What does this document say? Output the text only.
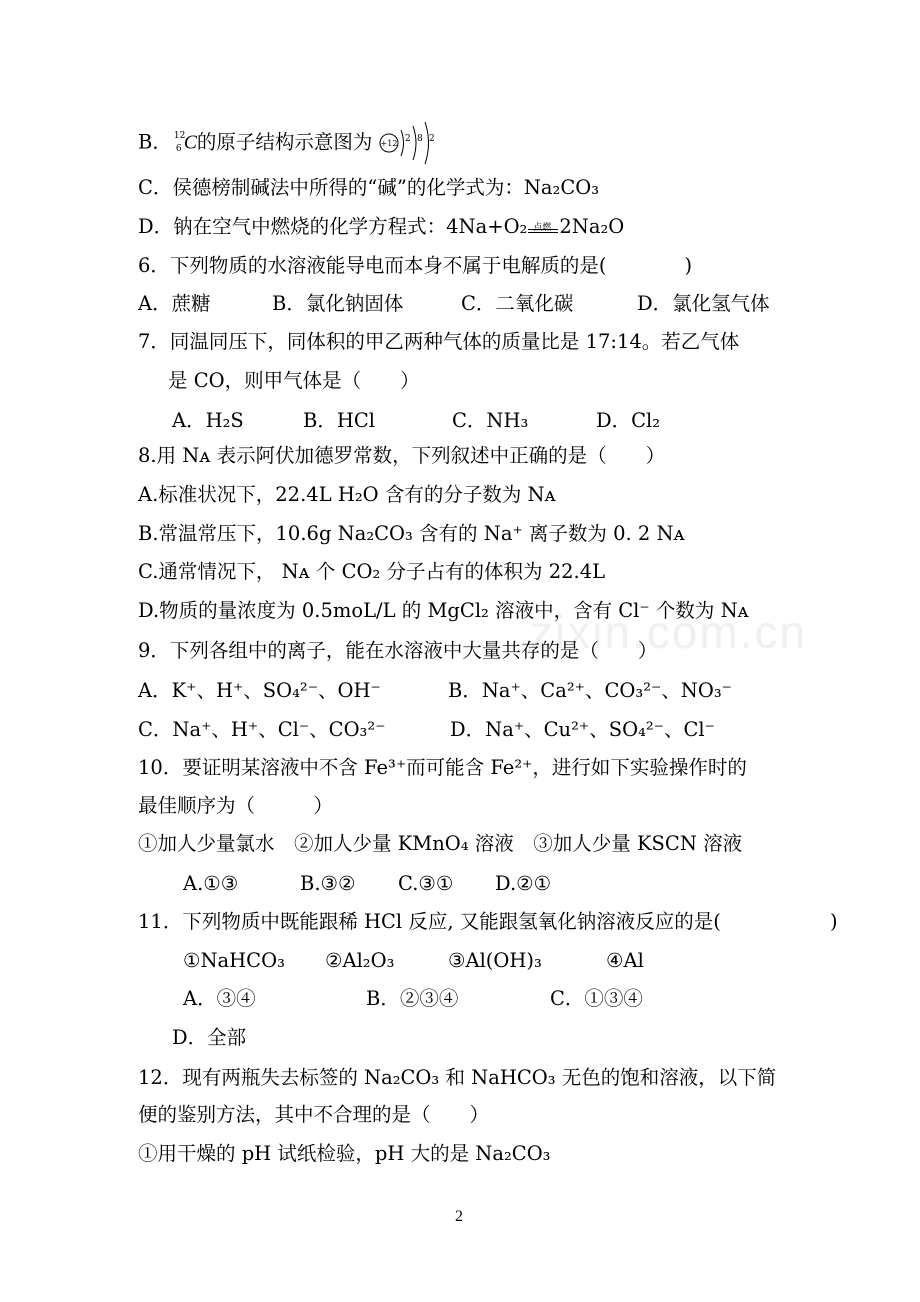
zixin.com.cn
B． 12
6 C的原子结构示意图为 +12 2 8 2
C．侯德榜制碱法中所得的“碱”的化学式为：Na₂CO₃
D．钠在空气中燃烧的化学方程式：4Na+O₂ 点燃 2Na₂O
6．下列物质的水溶液能导电而本身不属于电解质的是(　　　　)
A．蔗糖	B．氯化钠固体	C．二氧化碳	D．氯化氢气体
7．同温同压下，同体积的甲乙两种气体的质量比是 17:14。若乙气体
是 CO，则甲气体是（　　）
A．H₂S	B．HCl	C．NH₃	D．Cl₂
8.用 Nᴀ 表示阿伏加德罗常数，下列叙述中正确的是（　　）
A.标准状况下，22.4L H₂O 含有的分子数为 Nᴀ
B.常温常压下，10.6g Na₂CO₃ 含有的 Na⁺ 离子数为 0. 2 Nᴀ
C.通常情况下， Nᴀ 个 CO₂ 分子占有的体积为 22.4L
D.物质的量浓度为 0.5moL/L 的 MgCl₂ 溶液中，含有 Cl⁻ 个数为 Nᴀ
9．下列各组中的离子，能在水溶液中大量共存的是（　　）
A．K⁺、H⁺、SO₄²⁻、OH⁻	B．Na⁺、Ca²⁺、CO₃²⁻、NO₃⁻
C．Na⁺、H⁺、Cl⁻、CO₃²⁻	D．Na⁺、Cu²⁺、SO₄²⁻、Cl⁻
10．要证明某溶液中不含 Fe³⁺而可能含 Fe²⁺，进行如下实验操作时的
最佳顺序为（　　　）
①加人少量氯水　②加人少量 KMnO₄ 溶液　③加人少量 KSCN 溶液
A.①③	B.③② C.③① D.②①
11．下列物质中既能跟稀 HCl 反应, 又能跟氢氧化钠溶液反应的是(	)
①NaHCO₃ ②Al₂O₃	③Al(OH)₃	④Al
A．③④	B．②③④	C．①③④
D．全部
12．现有两瓶失去标签的 Na₂CO₃ 和 NaHCO₃ 无色的饱和溶液，以下简
便的鉴别方法，其中不合理的是（　　）
①用干燥的 pH 试纸检验，pH 大的是 Na₂CO₃
2
